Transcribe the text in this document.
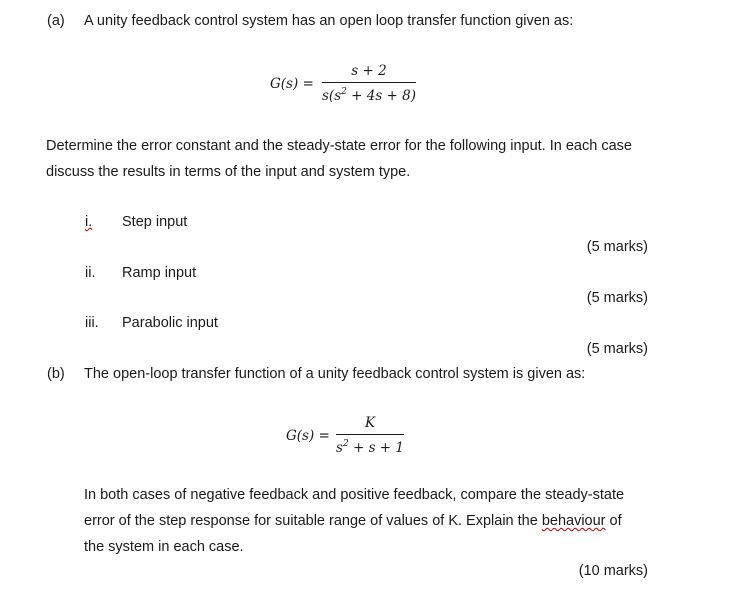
(a) A unity feedback control system has an open loop transfer function given as:
G(s) =
s + 2
$s(s^2 + 4s + 8)$
Determine the error constant and the steady-state error for the following input. In each case
discuss the results in terms of the input and system type.
i. Step input
(5 marks)
ii. Ramp input
(5 marks)
iii. Parabolic input
(5 marks)
(b) The open-loop transfer function of a unity feedback control system is given as:
G(s) =
K
$s^2 + s + 1$
In both cases of negative feedback and positive feedback, compare the steady-state
error of the step response for suitable range of values of K. Explain the behaviour of
the system in each case.
(10 marks)
